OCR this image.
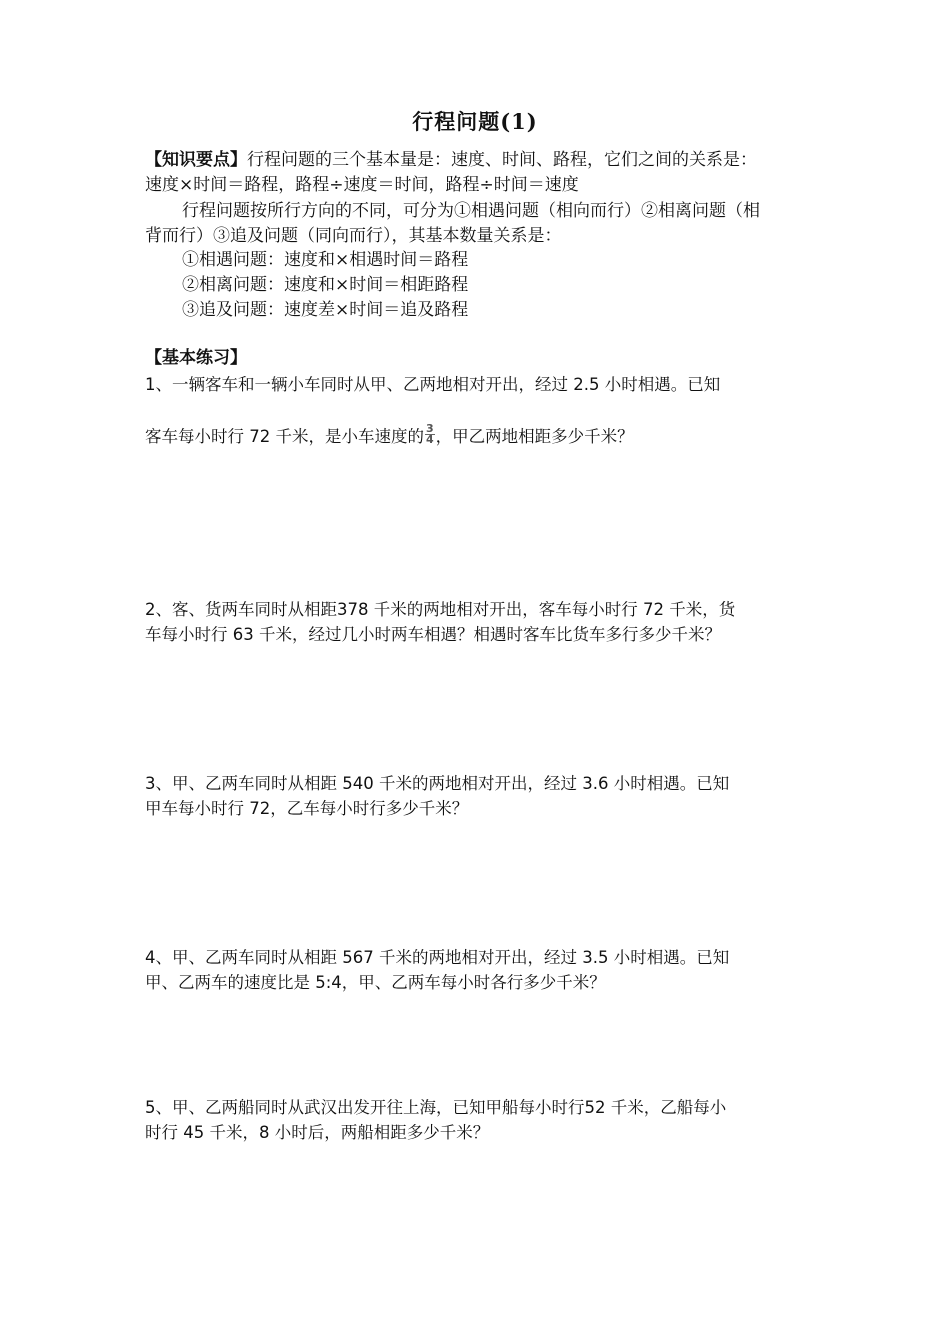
行程问题(1)
【知识要点】行程问题的三个基本量是：速度、时间、路程，它们之间的关系是：
速度×时间＝路程，路程÷速度＝时间，路程÷时间＝速度
行程问题按所行方向的不同，可分为①相遇问题（相向而行）②相离问题（相
背而行）③追及问题（同向而行），其基本数量关系是：
①相遇问题：速度和×相遇时间＝路程
②相离问题：速度和×时间＝相距路程
③追及问题：速度差×时间＝追及路程
【基本练习】
1、一辆客车和一辆小车同时从甲、乙两地相对开出，经过 2.5 小时相遇。已知
客车每小时行 72 千米，是小车速度的 $\frac{3}{4}$ ，甲乙两地相距多少千米？
2、客、货两车同时从相距378 千米的两地相对开出，客车每小时行 72 千米，货
车每小时行 63 千米，经过几小时两车相遇？相遇时客车比货车多行多少千米？
3、甲、乙两车同时从相距 540 千米的两地相对开出，经过 3.6 小时相遇。已知
甲车每小时行 72，乙车每小时行多少千米？
4、甲、乙两车同时从相距 567 千米的两地相对开出，经过 3.5 小时相遇。已知
甲、乙两车的速度比是 5:4，甲、乙两车每小时各行多少千米？
5、甲、乙两船同时从武汉出发开往上海，已知甲船每小时行52 千米，乙船每小
时行 45 千米，8 小时后，两船相距多少千米？
